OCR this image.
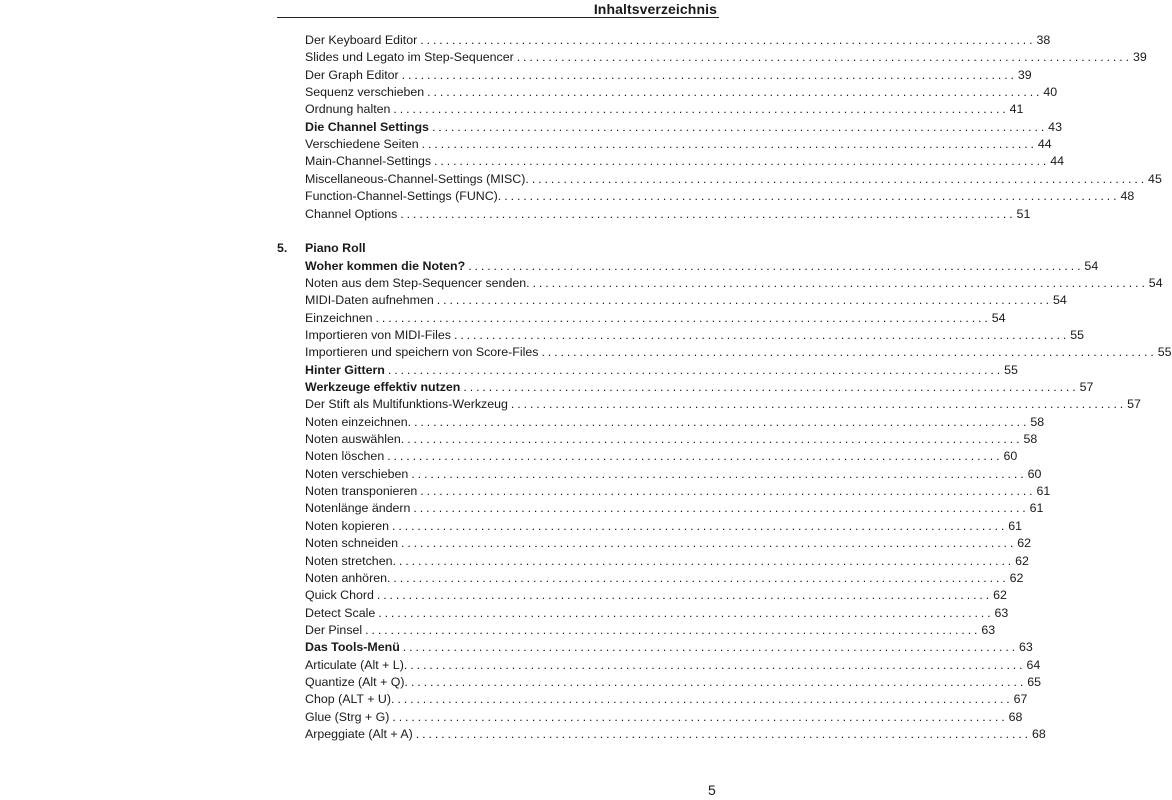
Inhaltsverzeichnis
Der Keyboard Editor ................................................................................................. 38
Slides und Legato im Step-Sequencer ................................................................................................. 39
Der Graph Editor ................................................................................................. 39
Sequenz verschieben ................................................................................................. 40
Ordnung halten ................................................................................................. 41
Die Channel Settings ................................................................................................. 43
Verschiedene Seiten ................................................................................................. 44
Main-Channel-Settings ................................................................................................. 44
Miscellaneous-Channel-Settings (MISC). ................................................................................................. 45
Function-Channel-Settings (FUNC). ................................................................................................. 48
Channel Options ................................................................................................. 51
5. Piano Roll
Woher kommen die Noten? ................................................................................................. 54
Noten aus dem Step-Sequencer senden. ................................................................................................. 54
MIDI-Daten aufnehmen ................................................................................................. 54
Einzeichnen ................................................................................................. 54
Importieren von MIDI-Files ................................................................................................. 55
Importieren und speichern von Score-Files ................................................................................................. 55
Hinter Gittern ................................................................................................. 55
Werkzeuge effektiv nutzen ................................................................................................. 57
Der Stift als Multifunktions-Werkzeug ................................................................................................. 57
Noten einzeichnen. ................................................................................................. 58
Noten auswählen. ................................................................................................. 58
Noten löschen ................................................................................................. 60
Noten verschieben ................................................................................................. 60
Noten transponieren ................................................................................................. 61
Notenlänge ändern ................................................................................................. 61
Noten kopieren ................................................................................................. 61
Noten schneiden ................................................................................................. 62
Noten stretchen. ................................................................................................. 62
Noten anhören. ................................................................................................. 62
Quick Chord ................................................................................................. 62
Detect Scale ................................................................................................. 63
Der Pinsel ................................................................................................. 63
Das Tools-Menü ................................................................................................. 63
Articulate (Alt + L). ................................................................................................. 64
Quantize (Alt + Q). ................................................................................................. 65
Chop (ALT + U). ................................................................................................. 67
Glue (Strg + G) ................................................................................................. 68
Arpeggiate (Alt + A) ................................................................................................. 68
5
